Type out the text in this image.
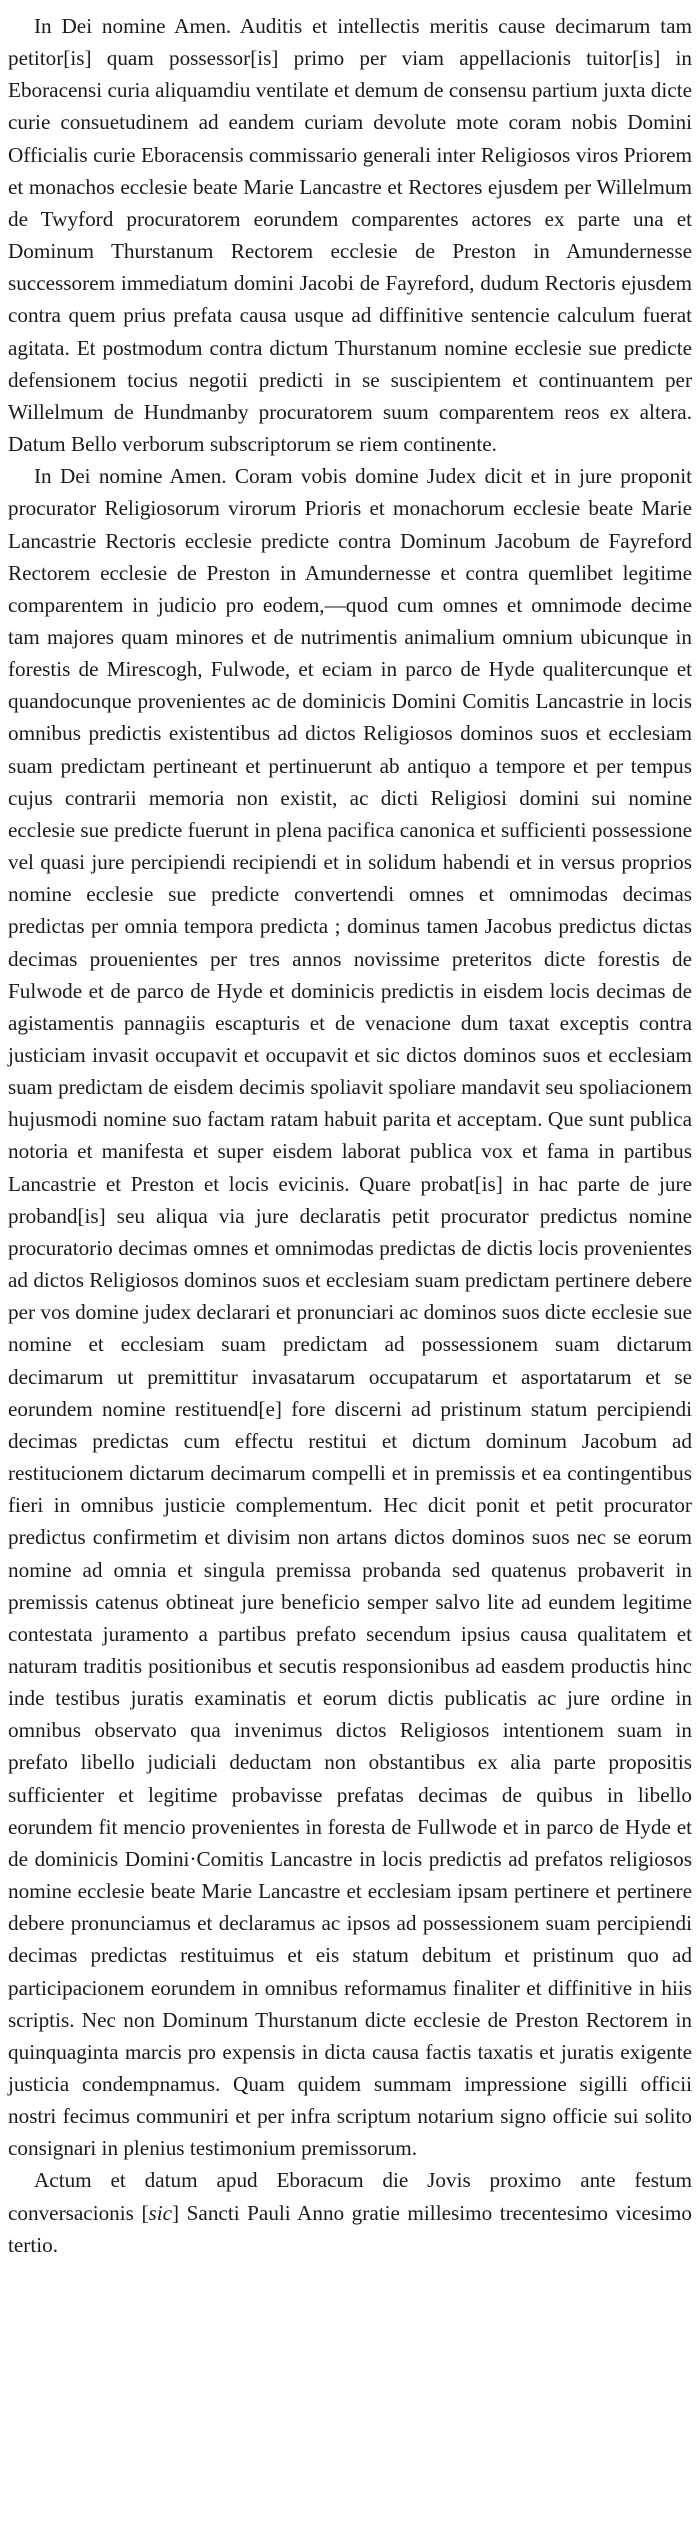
In Dei nomine Amen. Auditis et intellectis meritis cause decimarum tam petitor[is] quam possessor[is] primo per viam appellacionis tuitor[is] in Eboracensi curia aliquamdiu ventilate et demum de consensu partium juxta dicte curie consuetudinem ad eandem curiam devolute mote coram nobis Domini Officialis curie Eboracensis commissario generali inter Religiosos viros Priorem et monachos ecclesie beate Marie Lancastre et Rectores ejusdem per Willelmum de Twyford procuratorem eorundem comparentes actores ex parte una et Dominum Thurstanum Rectorem ecclesie de Preston in Amundernesse successorem immediatum domini Jacobi de Fayreford, dudum Rectoris ejusdem contra quem prius prefata causa usque ad diffinitive sentencie calculum fuerat agitata. Et postmodum contra dictum Thurstanum nomine ecclesie sue predicte defensionem tocius negotii predicti in se suscipientem et continuantem per Willelmum de Hundmanby procuratorem suum comparentem reos ex altera. Datum Bello verborum subscriptorum se riem continente.

In Dei nomine Amen. Coram vobis domine Judex dicit et in jure proponit procurator Religiosorum virorum Prioris et monachorum ecclesie beate Marie Lancastrie Rectoris ecclesie predicte contra Dominum Jacobum de Fayreford Rectorem ecclesie de Preston in Amundernesse et contra quemlibet legitime comparentem in judicio pro eodem,—quod cum omnes et omnimode decime tam majores quam minores et de nutrimentis animalium omnium ubicunque in forestis de Mirescogh, Fulwode, et eciam in parco de Hyde qualitercunque et quandocunque provenientes ac de dominicis Domini Comitis Lancastrie in locis omnibus predictis existentibus ad dictos Religiosos dominos suos et ecclesiam suam predictam pertineant et pertinuerunt ab antiquo a tempore et per tempus cujus contrarii memoria non existit, ac dicti Religiosi domini sui nomine ecclesie sue predicte fuerunt in plena pacifica canonica et sufficienti possessione vel quasi jure percipiendi recipiendi et in solidum habendi et in versus proprios nomine ecclesie sue predicte convertendi omnes et omnimodas decimas predictas per omnia tempora predicta ; dominus tamen Jacobus predictus dictas decimas prouenientes per tres annos novissime preteritos dicte forestis de Fulwode et de parco de Hyde et dominicis predictis in eisdem locis decimas de agistamentis pannagiis escapturis et de venacione dum taxat exceptis contra justiciam invasit occupavit et occupavit et sic dictos dominos suos et ecclesiam suam predictam de eisdem decimis spoliavit spoliare mandavit seu spoliacionem hujusmodi nomine suo factam ratam habuit parita et acceptam. Que sunt publica notoria et manifesta et super eisdem laborat publica vox et fama in partibus Lancastrie et Preston et locis evicinis. Quare probat[is] in hac parte de jure proband[is] seu aliqua via jure declaratis petit procurator predictus nomine procuratorio decimas omnes et omnimodas predictas de dictis locis provenientes ad dictos Religiosos dominos suos et ecclesiam suam predictam pertinere debere per vos domine judex declarari et pronunciari ac dominos suos dicte ecclesie sue nomine et ecclesiam suam predictam ad possessionem suam dictarum decimarum ut premittitur invasatarum occupatarum et asportatarum et se eorundem nomine restituend[e] fore discerni ad pristinum statum percipiendi decimas predictas cum effectu restitui et dictum dominum Jacobum ad restitucionem dictarum decimarum compelli et in premissis et ea contingentibus fieri in omnibus justicie complementum. Hec dicit ponit et petit procurator predictus confirmetim et divisim non artans dictos dominos suos nec se eorum nomine ad omnia et singula premissa probanda sed quatenus probaverit in premissis catenus obtineat jure beneficio semper salvo lite ad eundem legitime contestata juramento a partibus prefato secendum ipsius causa qualitatem et naturam traditis positionibus et secutis responsionibus ad easdem productis hinc inde testibus juratis examinatis et eorum dictis publicatis ac jure ordine in omnibus observato qua invenimus dictos Religiosos intentionem suam in prefato libello judiciali deductam non obstantibus ex alia parte propositis sufficienter et legitime probavisse prefatas decimas de quibus in libello eorundem fit mencio provenientes in foresta de Fullwode et in parco de Hyde et de dominicis Domini·Comitis Lancastre in locis predictis ad prefatos religiosos nomine ecclesie beate Marie Lancastre et ecclesiam ipsam pertinere et pertinere debere pronunciamus et declaramus ac ipsos ad possessionem suam percipiendi decimas predictas restituimus et eis statum debitum et pristinum quo ad participacionem eorundem in omnibus reformamus finaliter et diffinitive in hiis scriptis. Nec non Dominum Thurstanum dicte ecclesie de Preston Rectorem in quinquaginta marcis pro expensis in dicta causa factis taxatis et juratis exigente justicia condempnamus. Quam quidem summam impressione sigilli officii nostri fecimus communiri et per infra scriptum notarium signo officie sui solito consignari in plenius testimonium premissorum.

Actum et datum apud Eboracum die Jovis proximo ante festum conversacionis [sic] Sancti Pauli Anno gratie millesimo trecentesimo vicesimo tertio.
